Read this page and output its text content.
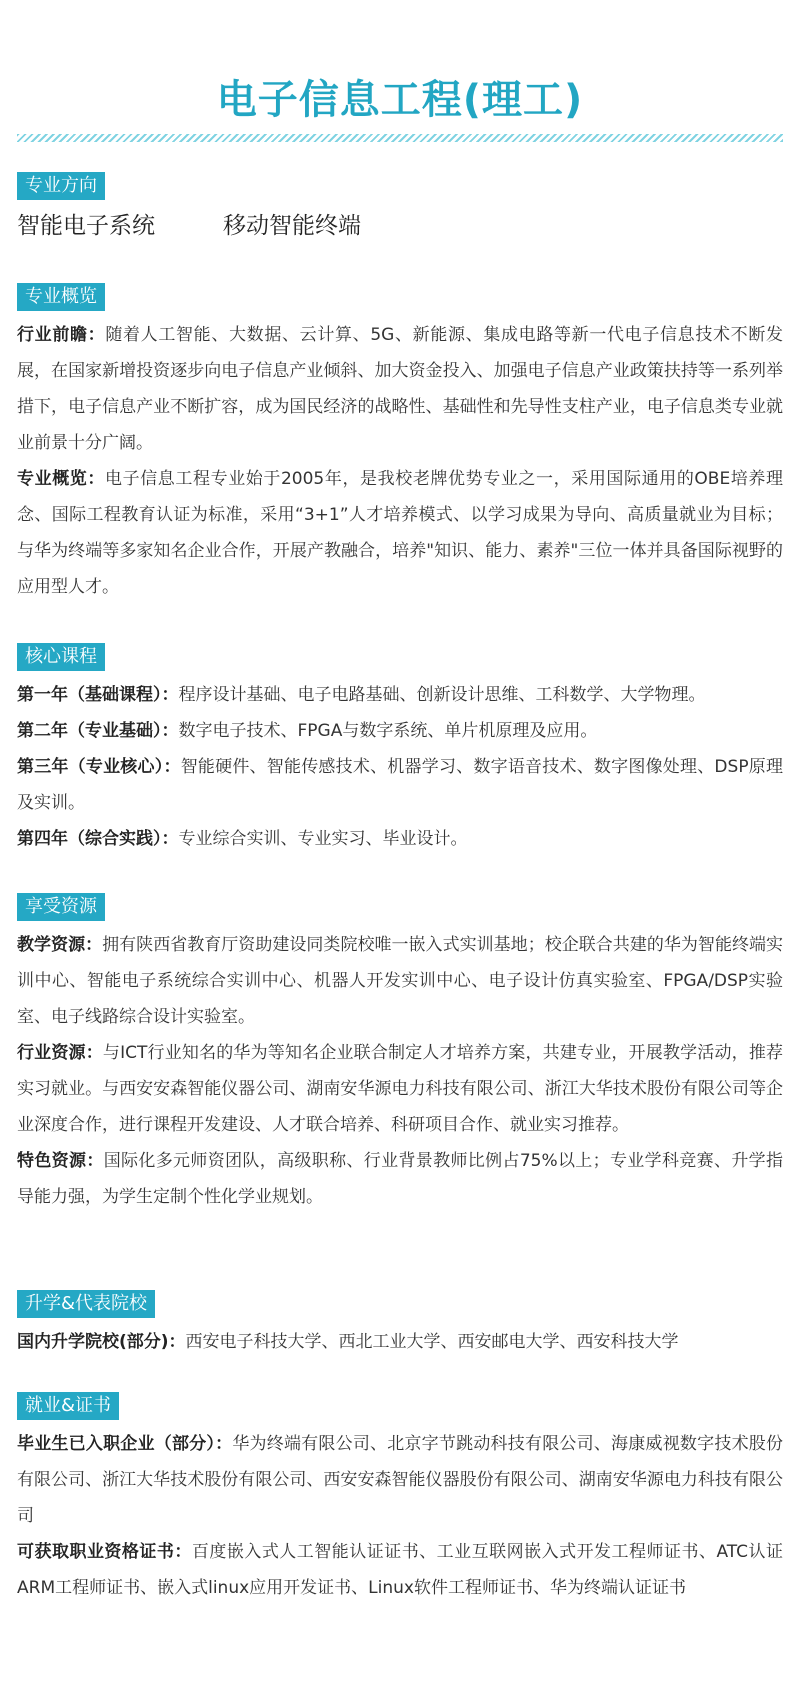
电子信息工程(理工)
专业方向
智能电子系统	移动智能终端
专业概览

行业前瞻：随着人工智能、大数据、云计算、5G、新能源、集成电路等新一代电子信息技术不断发展，在国家新增投资逐步向电子信息产业倾斜、加大资金投入、加强电子信息产业政策扶持等一系列举措下，电子信息产业不断扩容，成为国民经济的战略性、基础性和先导性支柱产业，电子信息类专业就业前景十分广阔。

专业概览：电子信息工程专业始于2005年，是我校老牌优势专业之一，采用国际通用的OBE培养理念、国际工程教育认证为标准，采用“3+1”人才培养模式、以学习成果为导向、高质量就业为目标；与华为终端等多家知名企业合作，开展产教融合，培养"知识、能力、素养"三位一体并具备国际视野的应用型人才。

核心课程

第一年（基础课程）：程序设计基础、电子电路基础、创新设计思维、工科数学、大学物理。

第二年（专业基础）：数字电子技术、FPGA与数字系统、单片机原理及应用。

第三年（专业核心）：智能硬件、智能传感技术、机器学习、数字语音技术、数字图像处理、DSP原理及实训。

第四年（综合实践）：专业综合实训、专业实习、毕业设计。

享受资源

教学资源：拥有陕西省教育厅资助建设同类院校唯一嵌入式实训基地；校企联合共建的华为智能终端实训中心、智能电子系统综合实训中心、机器人开发实训中心、电子设计仿真实验室、FPGA/DSP实验室、电子线路综合设计实验室。

行业资源：与ICT行业知名的华为等知名企业联合制定人才培养方案，共建专业，开展教学活动，推荐实习就业。与西安安森智能仪器公司、湖南安华源电力科技有限公司、浙江大华技术股份有限公司等企业深度合作，进行课程开发建设、人才联合培养、科研项目合作、就业实习推荐。

特色资源：国际化多元师资团队，高级职称、行业背景教师比例占75%以上；专业学科竞赛、升学指导能力强，为学生定制个性化学业规划。

升学&代表院校

国内升学院校(部分)：西安电子科技大学、西北工业大学、西安邮电大学、西安科技大学

就业&证书

毕业生已入职企业（部分）：华为终端有限公司、北京字节跳动科技有限公司、海康威视数字技术股份有限公司、浙江大华技术股份有限公司、西安安森智能仪器股份有限公司、湖南安华源电力科技有限公司

可获取职业资格证书：百度嵌入式人工智能认证证书、工业互联网嵌入式开发工程师证书、ATC认证ARM工程师证书、嵌入式linux应用开发证书、Linux软件工程师证书、华为终端认证证书
